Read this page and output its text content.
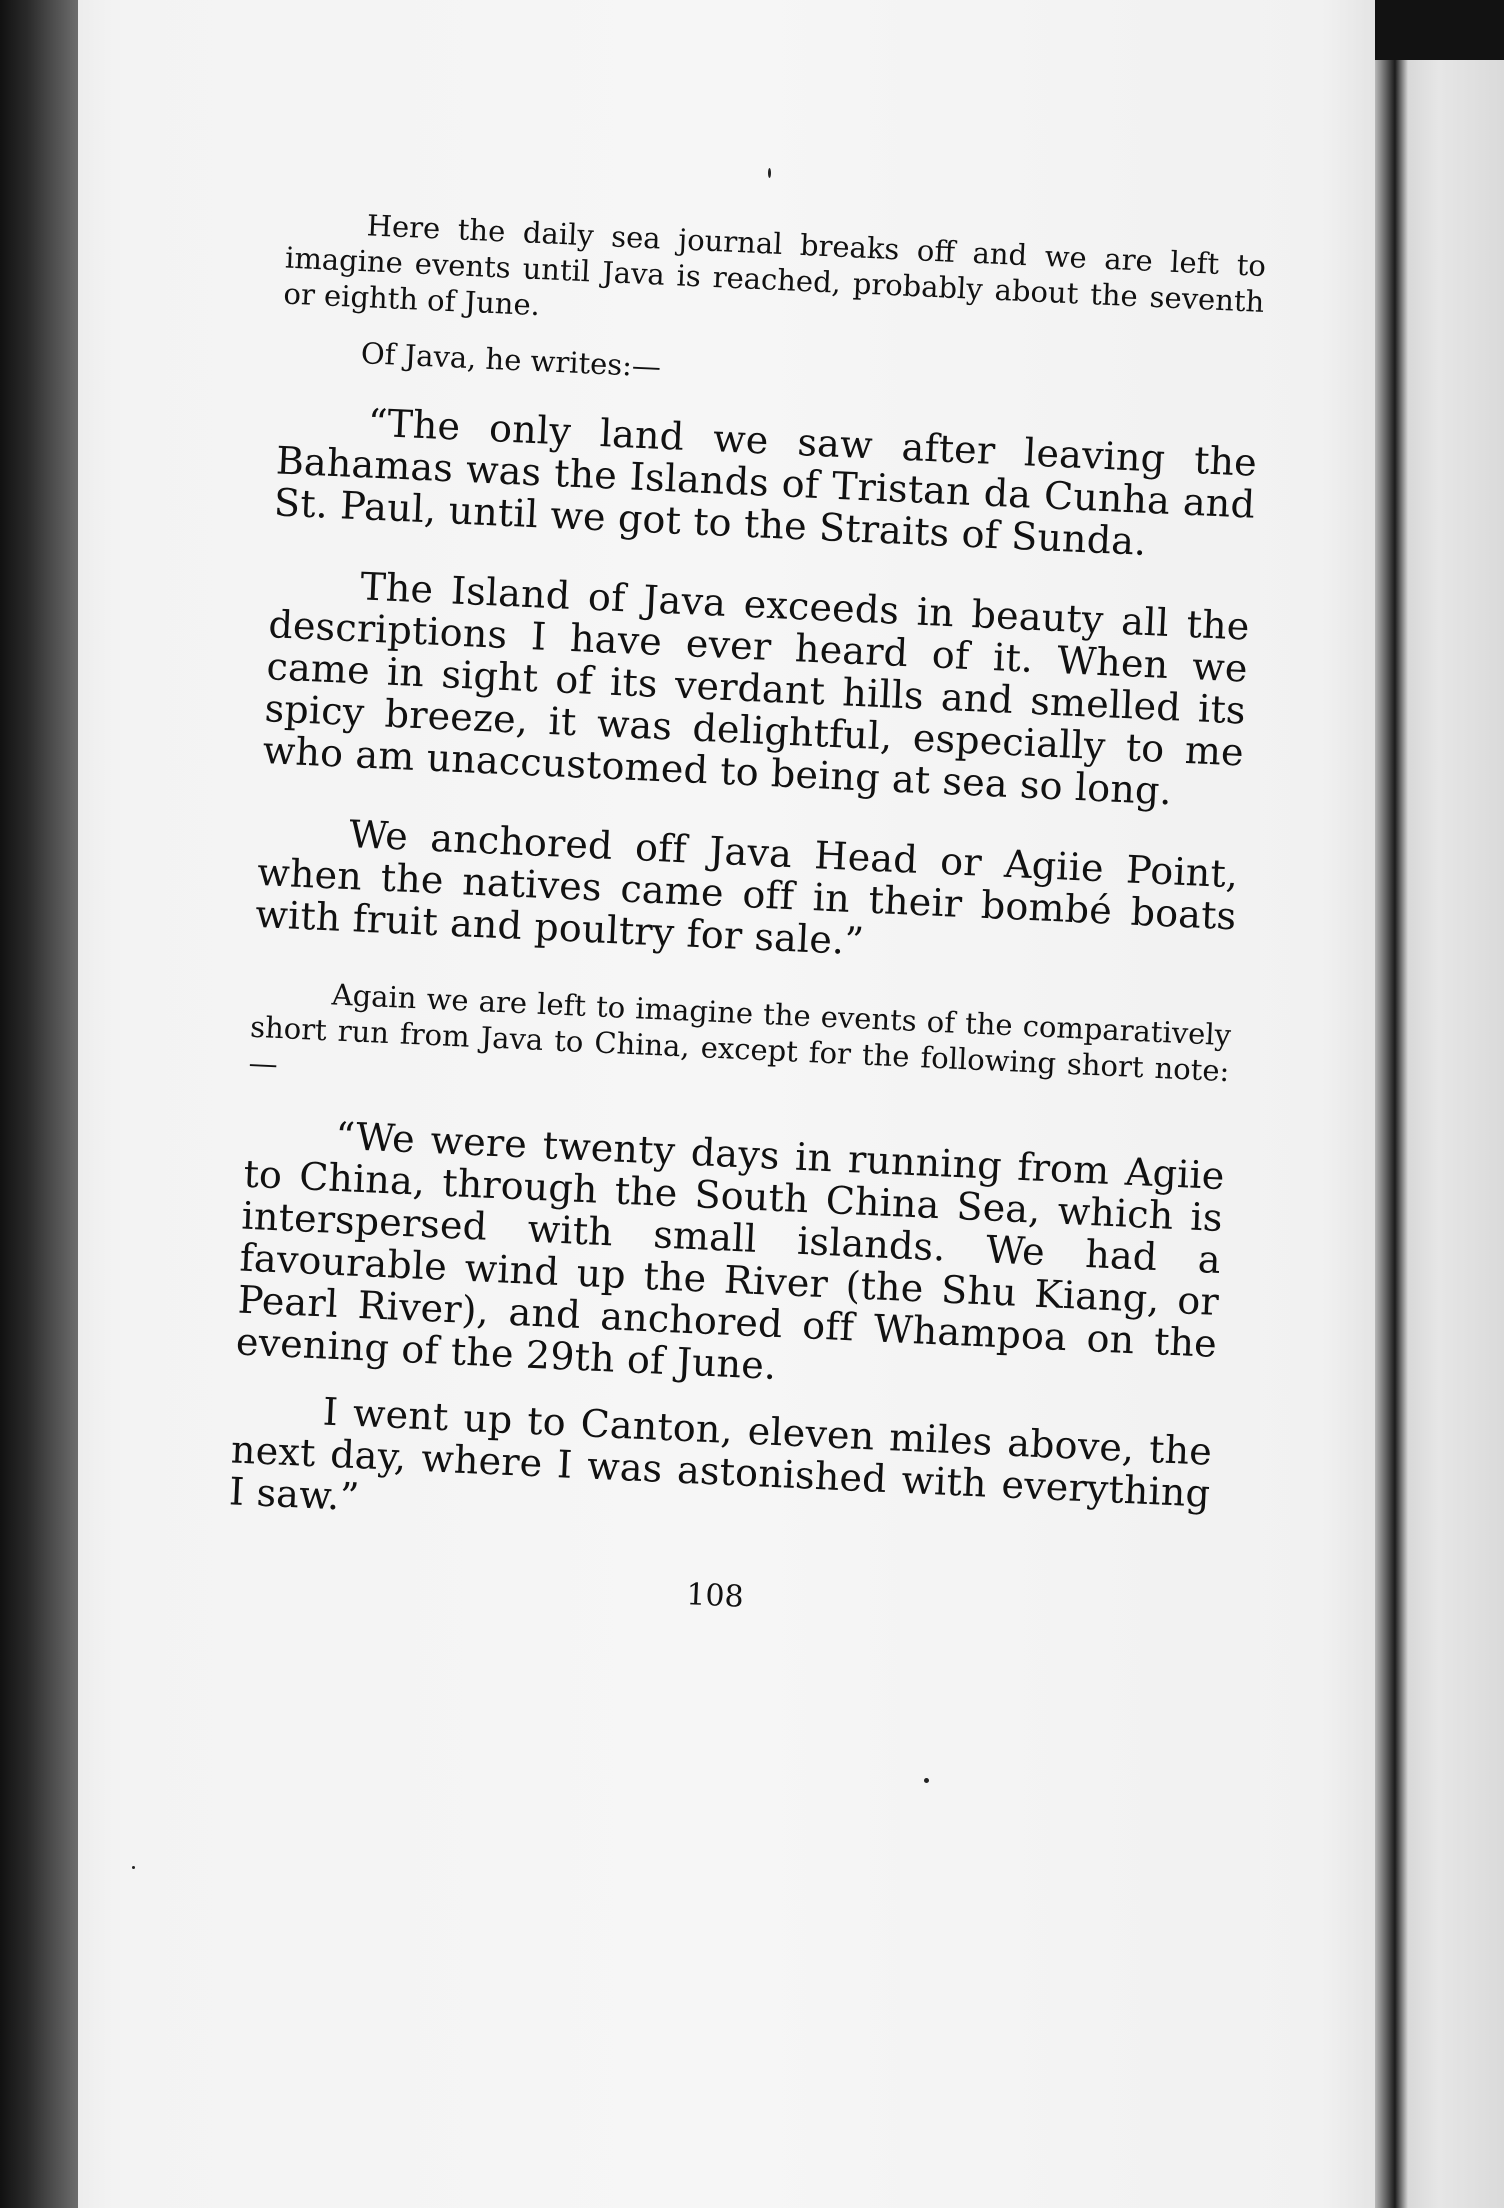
Here the daily sea journal breaks off and we are left to imagine events until Java is reached, probably about the seventh or eighth of June.

Of Java, he writes:—

“The only land we saw after leaving the Bahamas was the Islands of Tristan da Cunha and St. Paul, until we got to the Straits of Sunda.

The Island of Java exceeds in beauty all the descriptions I have ever heard of it. When we came in sight of its verdant hills and smelled its spicy breeze, it was delightful, especially to me who am unaccustomed to being at sea so long.

We anchored off Java Head or Agiie Point, when the natives came off in their bombé boats with fruit and poultry for sale.”

Again we are left to imagine the events of the comparatively short run from Java to China, except for the following short note:—

“We were twenty days in running from Agiie to China, through the South China Sea, which is interspersed with small islands. We had a favourable wind up the River (the Shu Kiang, or Pearl River), and anchored off Whampoa on the evening of the 29th of June.

I went up to Canton, eleven miles above, the next day, where I was astonished with everything I saw.”

108
